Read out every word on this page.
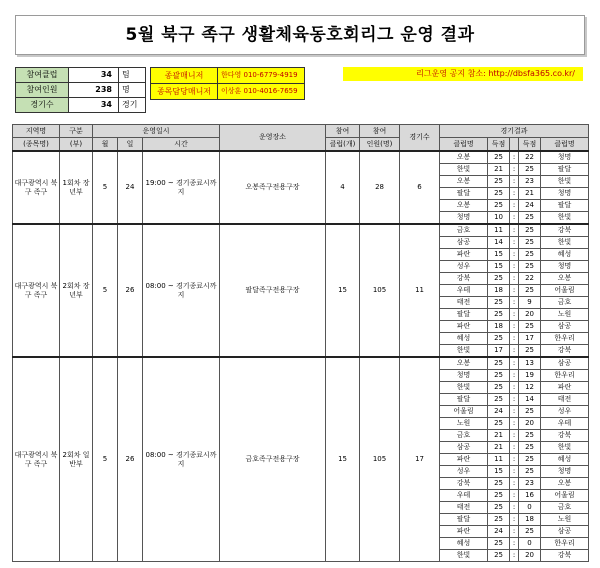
5월 북구 족구 생활체육동호회리그 운영 결과
참여클럽	34	팀
참여인원	238	명
경기수	34	경기
종괄매니저	한다영 010-6779-4919
종목담당매니저	이상훈 010-4016-7659
리그운영 공지 참소: http://dbsfa365.co.kr/
지역명	구분	운영일시			운영장소	참여	참여	경기수	경기결과				
(종목명)	(부)	월	일	시간		클럽(개)	인원(명)		클럽명	득점		득점	클럽명
대구광역시 북구 족구	1회차 장년부	5	24	19:00 ~ 경기종료시까지	오봉족구전용구장	4	28	6	오봉	25	:	22	청명
									한빛	21	:	25	팔달
									오봉	25	:	23	한빛
									팔달	25	:	21	청명
									오봉	25	:	24	팔달
									청명	10	:	25	한빛
대구광역시 북구 족구	2회차 장년부	5	26	08:00 ~ 경기종료시까지	팔달족구전용구장	15	105	11	금호	11	:	25	강북
									삼공	14	:	25	한빛
									파란	15	:	25	혜성
									성우	15	:	25	청명
									강북	25	:	22	오봉
									우테	18	:	25	어울림
									태전	25	:	9	금호
									팔달	25	:	20	노원
									파란	18	:	25	삼공
									혜성	25	:	17	한우리
									한빛	17	:	25	강북
대구광역시 북구 족구	2회차 일반부	5	26	08:00 ~ 경기종료시까지	금호족구전용구장	15	105	17	오봉	25	:	13	삼공
									청명	25	:	19	한우리
									한빛	25	:	12	파란
									팔달	25	:	14	태전
									어울림	24	:	25	성우
									노원	25	:	20	우테
									금호	21	:	25	강북
									삼공	21	:	25	한빛
									파란	11	:	25	혜성
									성우	15	:	25	청명
									강북	25	:	23	오봉
									우테	25	:	16	어울림
									태전	25	:	0	금호
									팔달	25	:	18	노원
									파란	24	:	25	삼공
									혜성	25	:	0	한우리
									한빛	25	:	20	강북
